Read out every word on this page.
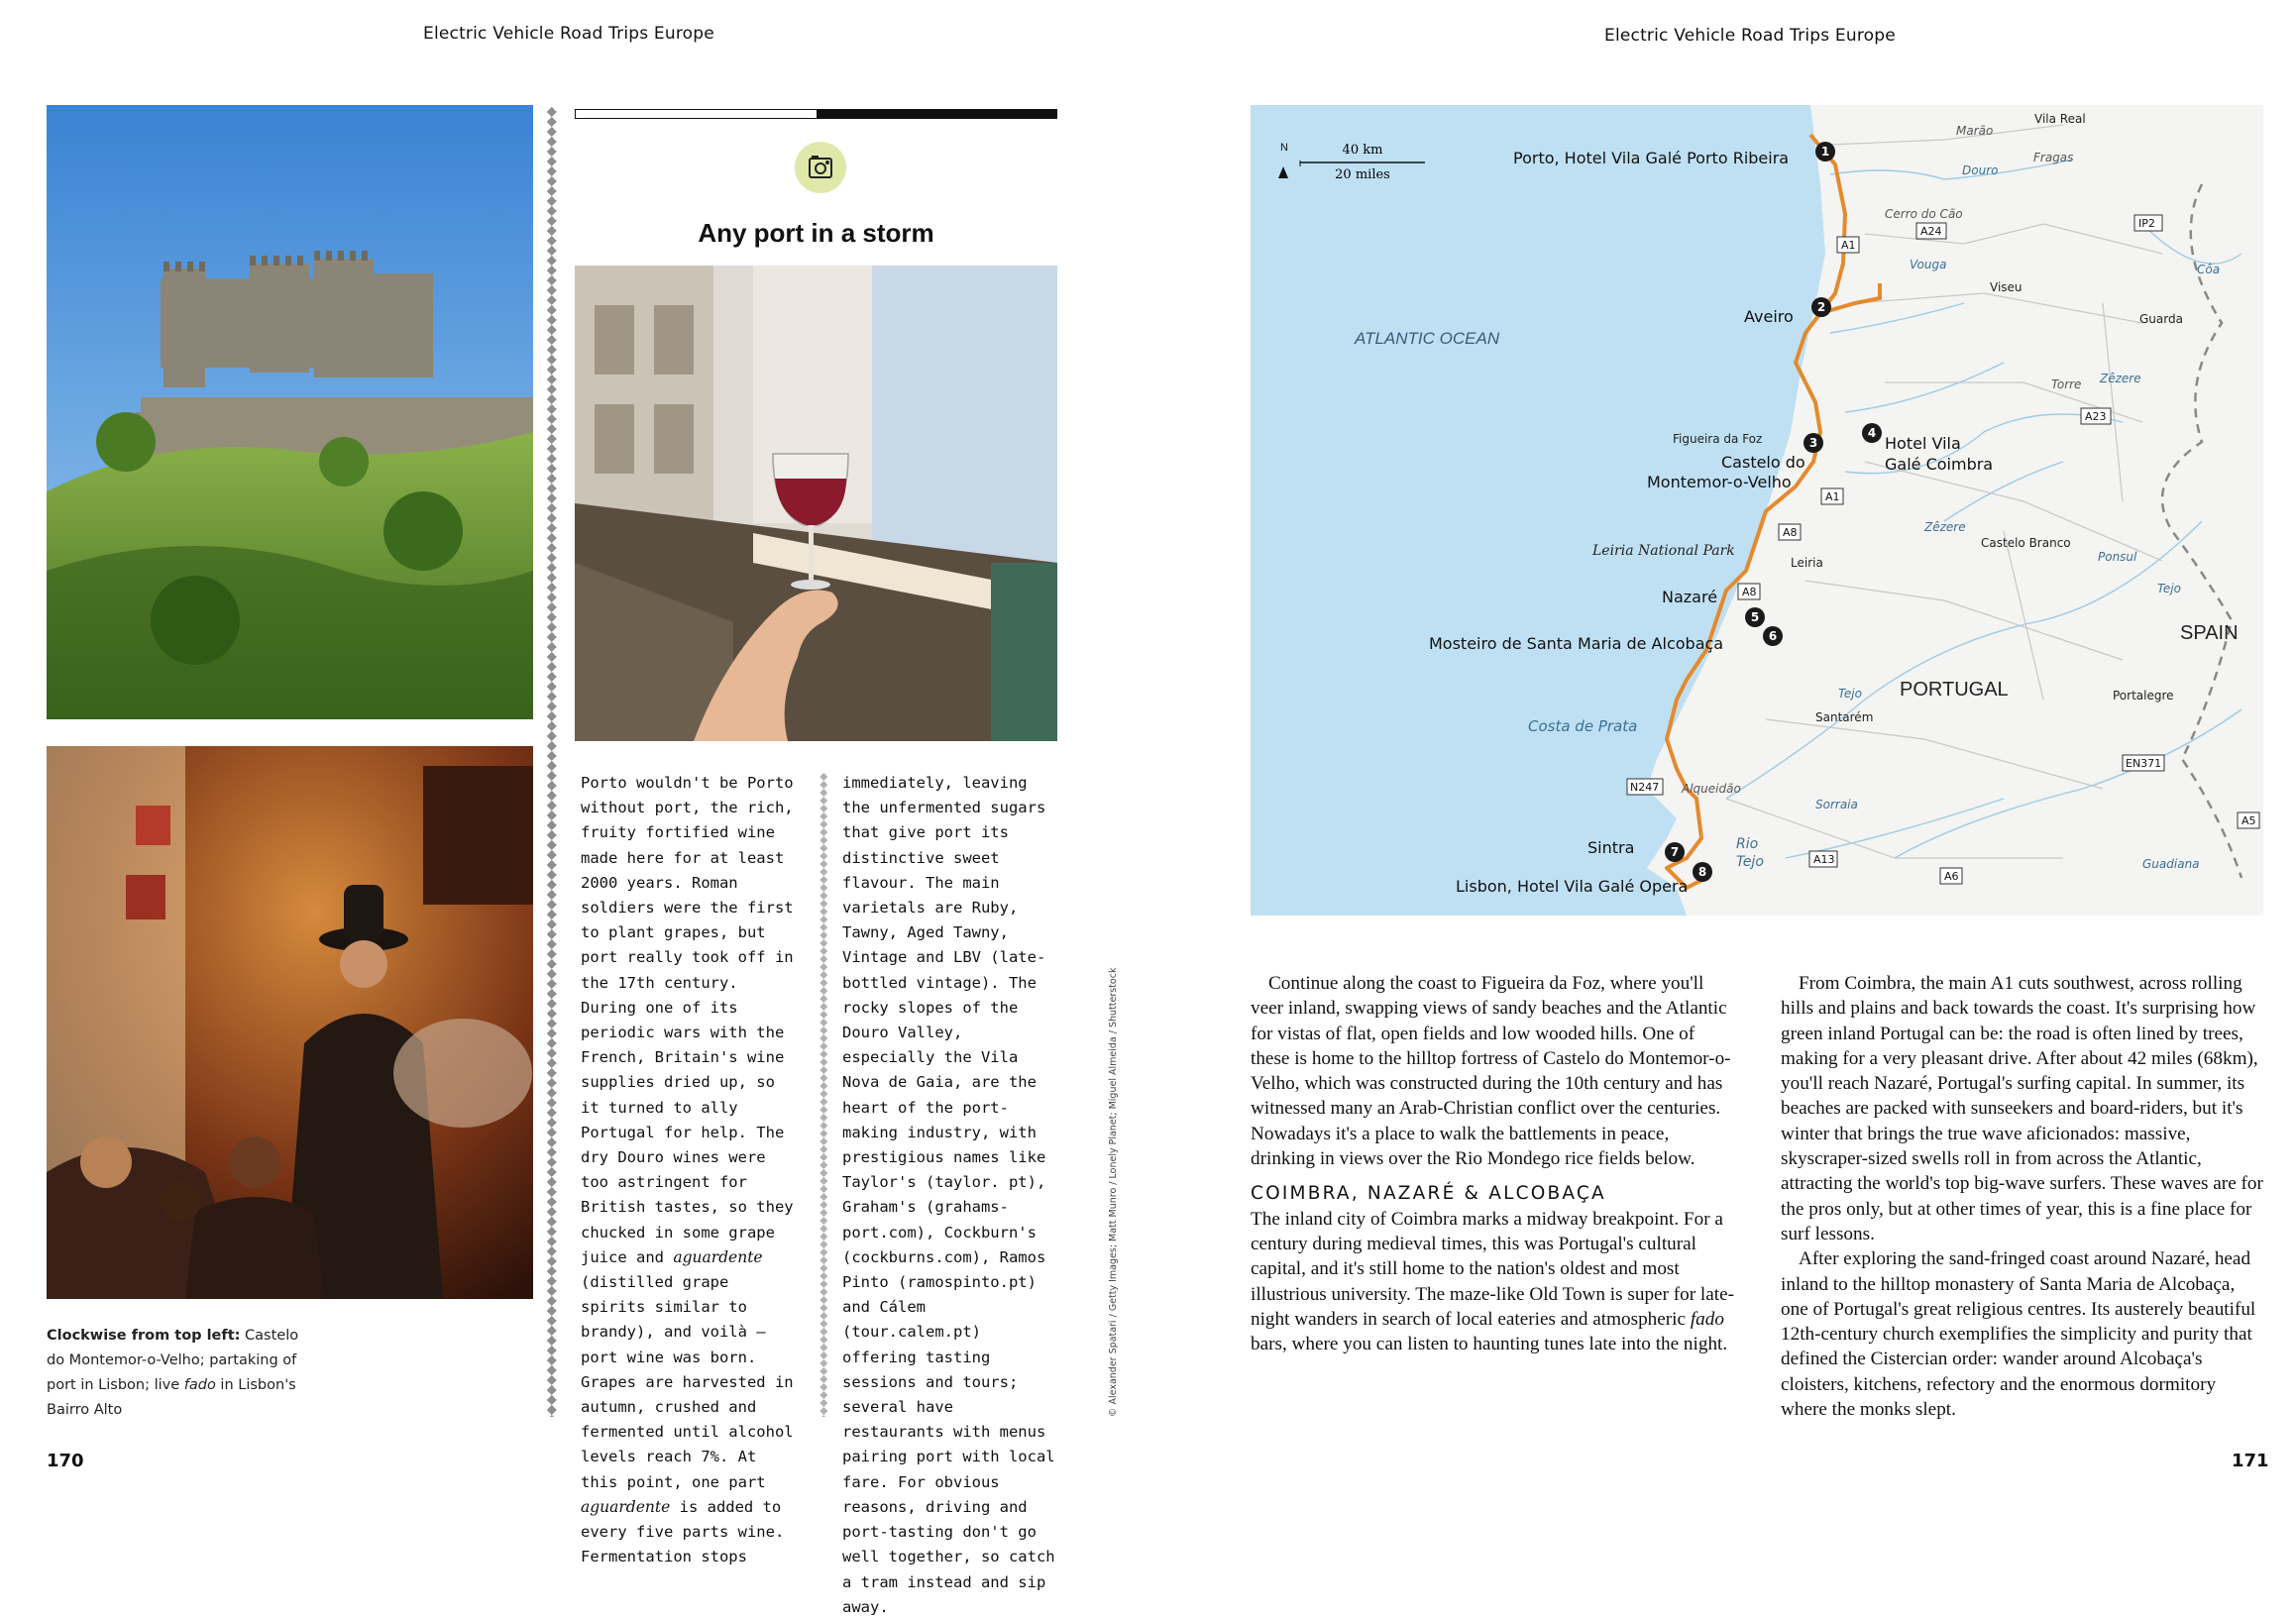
Electric Vehicle Road Trips Europe	Electric Vehicle Road Trips Europe
Clockwise from top left: Castelo do Montemor-o-Velho; partaking of port in Lisbon; live fado in Lisbon's Bairro Alto
Any port in a storm
Porto wouldn't be Porto without port, the rich, fruity fortified wine made here for at least 2000 years. Roman soldiers were the first to plant grapes, but port really took off in the 17th century. During one of its periodic wars with the French, Britain's wine supplies dried up, so it turned to ally Portugal for help. The dry Douro wines were too astringent for British tastes, so they chucked in some grape juice and aguardente (distilled grape spirits similar to brandy), and voilà – port wine was born. Grapes are harvested in autumn, crushed and fermented until alcohol levels reach 7%. At this point, one part aguardente is added to every five parts wine. Fermentation stops
immediately, leaving the unfermented sugars that give port its distinctive sweet flavour. The main varietals are Ruby, Tawny, Aged Tawny, Vintage and LBV (late-bottled vintage). The rocky slopes of the Douro Valley, especially the Vila Nova de Gaia, are the heart of the port-making industry, with prestigious names like Taylor's (taylor. pt), Graham's (grahams-port.com), Cockburn's (cockburns.com), Ramos Pinto (ramospinto.pt) and Cálem (tour.calem.pt) offering tasting sessions and tours; several have restaurants with menus pairing port with local fare. For obvious reasons, driving and port-tasting don't go well together, so catch a tram instead and sip away.
© Alexander Spatari / Getty Images; Matt Munro / Lonely Planet; Miguel Almeida / Shutterstock
N	40 km
20 miles
ATLANTIC OCEAN
PORTUGAL
SPAIN
Porto, Hotel Vila Galé Porto Ribeira
Aveiro
Castelo do
Montemor-o-Velho
Hotel Vila
Galé Coimbra
Nazaré
Mosteiro de Santa Maria de Alcobaça
Sintra
Lisbon, Hotel Vila Galé Opera
1
2
3
4
5
6
7
8
Vila Real
Marão
Douro
Fragas
Cerro do Cão
Vouga
Viseu
Guarda
Côa
Zêzere
Torre
Figueira da Foz
Leiria National Park
Leiria
Zêzere
Castelo Branco
Ponsul
Tejo
Portalegre
Tejo
Santarém
Costa de Prata
Alqueidão
Sorraia
Rio
Tejo	Guadiana
A24
IP2
A1
A23
A1
A8
A8
N247
A13
EN371
A6
A5

Continue along the coast to Figueira da Foz, where you'll veer inland, swapping views of sandy beaches and the Atlantic for vistas of flat, open fields and low wooded hills. One of these is home to the hilltop fortress of Castelo do Montemor-o-Velho, which was constructed during the 10th century and has witnessed many an Arab-Christian conflict over the centuries. Nowadays it's a place to walk the battlements in peace, drinking in views over the Rio Mondego rice fields below.

COIMBRA, NAZARÉ & ALCOBAÇA

The inland city of Coimbra marks a midway breakpoint. For a century during medieval times, this was Portugal's cultural capital, and it's still home to the nation's oldest and most illustrious university. The maze-like Old Town is super for late-night wanders in search of local eateries and atmospheric fado bars, where you can listen to haunting tunes late into the night.

From Coimbra, the main A1 cuts southwest, across rolling hills and plains and back towards the coast. It's surprising how green inland Portugal can be: the road is often lined by trees, making for a very pleasant drive. After about 42 miles (68km), you'll reach Nazaré, Portugal's surfing capital. In summer, its beaches are packed with sunseekers and board-riders, but it's winter that brings the true wave aficionados: massive, skyscraper-sized swells roll in from across the Atlantic, attracting the world's top big-wave surfers. These waves are for the pros only, but at other times of year, this is a fine place for surf lessons.

After exploring the sand-fringed coast around Nazaré, head inland to the hilltop monastery of Santa Maria de Alcobaça, one of Portugal's great religious centres. Its austerely beautiful 12th-century church exemplifies the simplicity and purity that defined the Cistercian order: wander around Alcobaça's cloisters, kitchens, refectory and the enormous dormitory where the monks slept.

170	171
